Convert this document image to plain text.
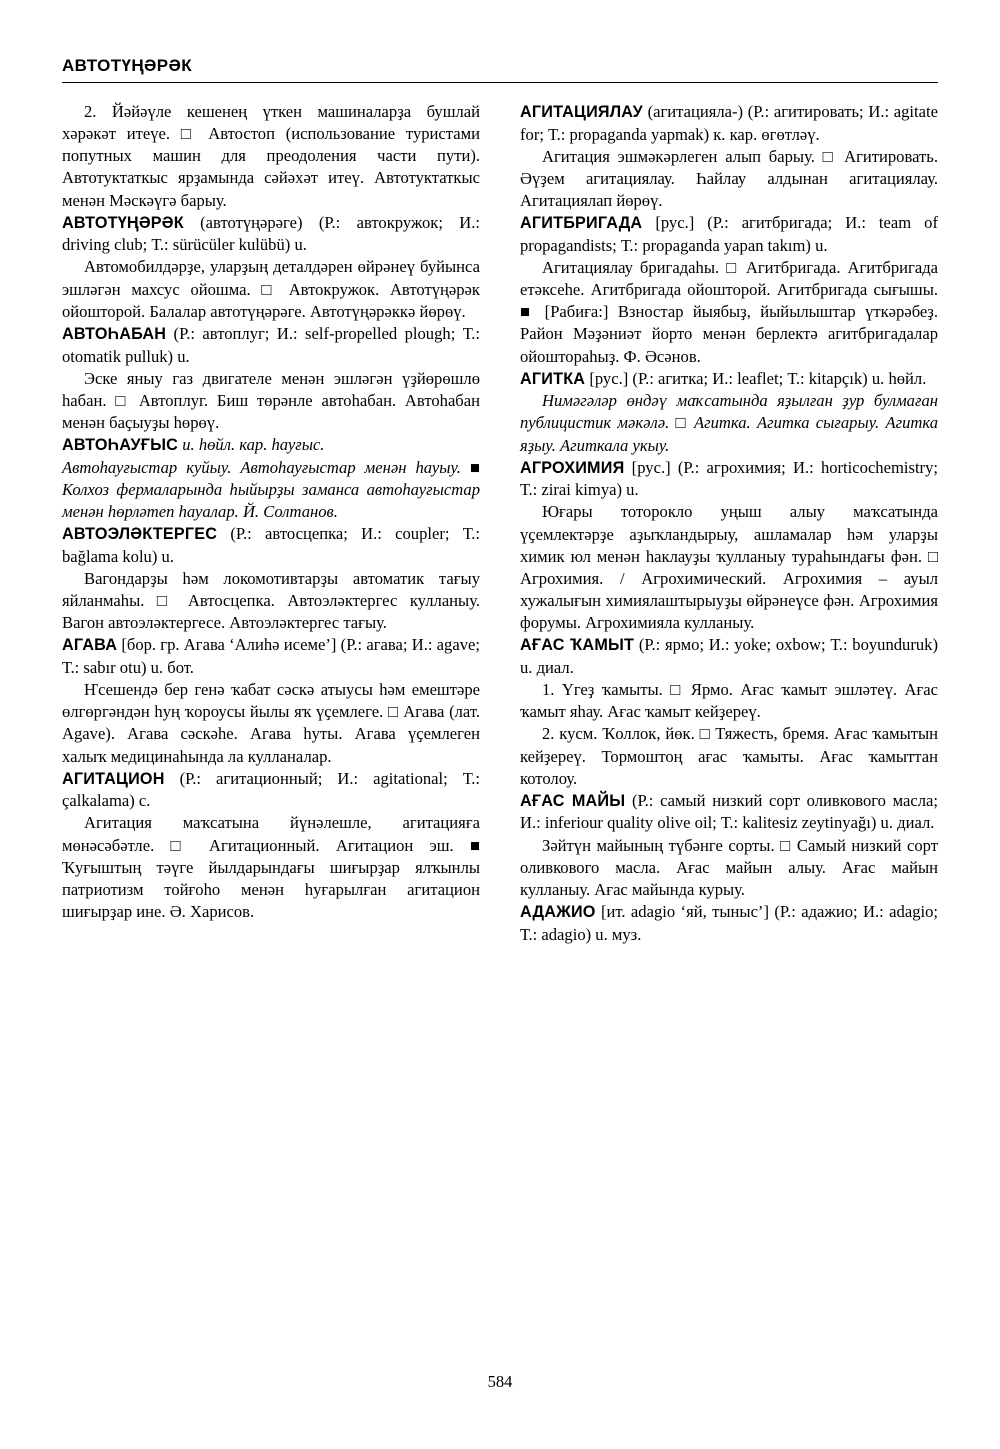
АВТОТҮҢӘРӘК

2. Йәйәүле кешенең үткен машиналарҙа бушлай хәрәкәт итеүе. □ Автостоп (использование туристами попутных машин для преодоления части пути). Автотуктаткыс ярҙамында сәйәхәт итеү. Автотуктаткыс менән Мәскәүгә барыу.

АВТОТҮҢӘРӘК (автотүңәрәге) (Р.: автокружок; И.: driving club; Т.: sürücüler kulübü) u.

Автомобилдәрҙе, уларҙың деталдәрен өйрәнеү буйынса эшләгән махсус ойошма. □ Автокружок. Автотүңәрәк ойошторой. Балалар автотүңәрәге. Автотүңәрәккә йөрөү.

АВТОҺАБАН (Р.: автоплуг; И.: self-propelled plough; Т.: otomatik pulluk) u.

Эске яныу газ двигателе менән эшләгән үҙйөрөшлө һабан. □ Автоплуг. Биш төрәнле автоһабан. Автоһабан менән баҫыуҙы һөрөү.

АВТОҺАУҒЫС u. һөйл. кар. һауғыс.

Автоһауғыстар куйыу. Автоһауғыстар менән һауыу. ■ Колхоз фермаларында һыйырҙы заманса автоһауғыстар менән һөрләтеп һауалар. Й. Солтанов.

АВТОЭЛӘКТЕРГЕС (Р.: автосцепка; И.: coupler; Т.: bağlama kolu) u.

Вагондарҙы һәм локомотивтарҙы автоматик тағыу яйланмаһы. □ Автосцепка. Автоэләктергес кулланыу. Вагон автоэләктергесе. Автоэләктергес тағыу.

АГАВА [бор. гр. Агава ‘Алиһә исеме’] (Р.: агава; И.: agave; Т.: sabır otu) u. бот.

Ҥсешендә бер генә ҡабат сәскә атыусы һәм емештәре өлгөргәндән һуң ҡороусы йылы яҡ үҫемлеге. □ Агава (лат. Agave). Агава сәскәһе. Агава һуты. Агава үҫемлеген халыҡ медицинаһында ла кулланалар.

АГИТАЦИОН (Р.: агитационный; И.: agitational; Т.: çalkalama) c.

Агитация маҡсатына йүнәлешле, агитацияға мөнәсәбәтле. □ Агитационный. Агитацион эш. ■ Ҡуғыштың тәүге йылдарындағы шиғырҙар ялҡынлы патриотизм тойғоһо менән һуғарылған агитацион шиғырҙар ине. Ә. Харисов.

АГИТАЦИЯЛАУ (агитацияла-) (Р.: агитировать; И.: agitate for; Т.: propaganda yapmak) к. кар. өгөтләү.

Агитация эшмәкәрлеген алып барыу. □ Агитировать. Әүҙем агитациялау. Һайлау алдынан агитациялау. Агитациялап йөрөү.

АГИТБРИГАДА [рус.] (Р.: агитбригада; И.: team of propagandists; Т.: propaganda yapan takım) u.

Агитациялау бригадаһы. □ Агитбригада. Агитбригада етәксеһе. Агитбригада ойошторой. Агитбригада сығышы. ■ [Рабиға:] Взностар йыябыҙ, йыйылыштар үткәрәбеҙ. Район Мәҙәниәт йорто менән берлектә агитбригадалар ойоштораһыҙ. Ф. Әсәнов.

АГИТКА [рус.] (Р.: агитка; И.: leaflet; Т.: kitapçık) u. һөйл.

Нимәгәләр өндәү маҡсатында яҙылған ҙур булмаған публицистик мәкәлә. □ Агитка. Агитка сығарыу. Агитка яҙыу. Агиткала укыу.

АГРОХИМИЯ [рус.] (Р.: агрохимия; И.: horticochemistry; Т.: zirai kimya) u.

Юғары тоторокло уңыш алыу маҡсатында үҫемлектәрҙе аҙыҡландырыу, ашламалар һәм уларҙы химик юл менән һаклауҙы ҡулланыу тураһындағы фән. □ Агрохимия. / Агрохимический. Агрохимия – ауыл хужалығын химиялаштырыуҙы өйрәнеүсе фән. Агрохимия форумы. Агрохимияла кулланыу.

АҒАС ҠАМЫТ (Р.: ярмо; И.: yoke; oxbow; Т.: boyunduruk) u. диал.

1. Үгеҙ ҡамыты. □ Ярмо. Ағас ҡамыт эшләтеү. Ағас ҡамыт яһау. Ағас ҡамыт кейҙереү.

2. кусм. Ҡоллок, йөк. □ Тяжесть, бремя. Ағас ҡамытын кейҙереү. Тормоштоң ағас ҡамыты. Ағас ҡамыттан котолоу.

АҒАС МАЙЫ (Р.: самый низкий сорт оливкового масла; И.: inferiour quality olive oil; Т.: kalitesiz zeytinyağı) u. диал.

Зәйтүн майының түбәнге сорты. □ Самый низкий сорт оливкового масла. Ағас майын алыу. Ағас майын кулланыу. Ағас майында курыу.

АДАЖИО [ит. adagio ‘яй, тыныс’] (Р.: адажио; И.: adagio; Т.: adagio) u. муз.

584
